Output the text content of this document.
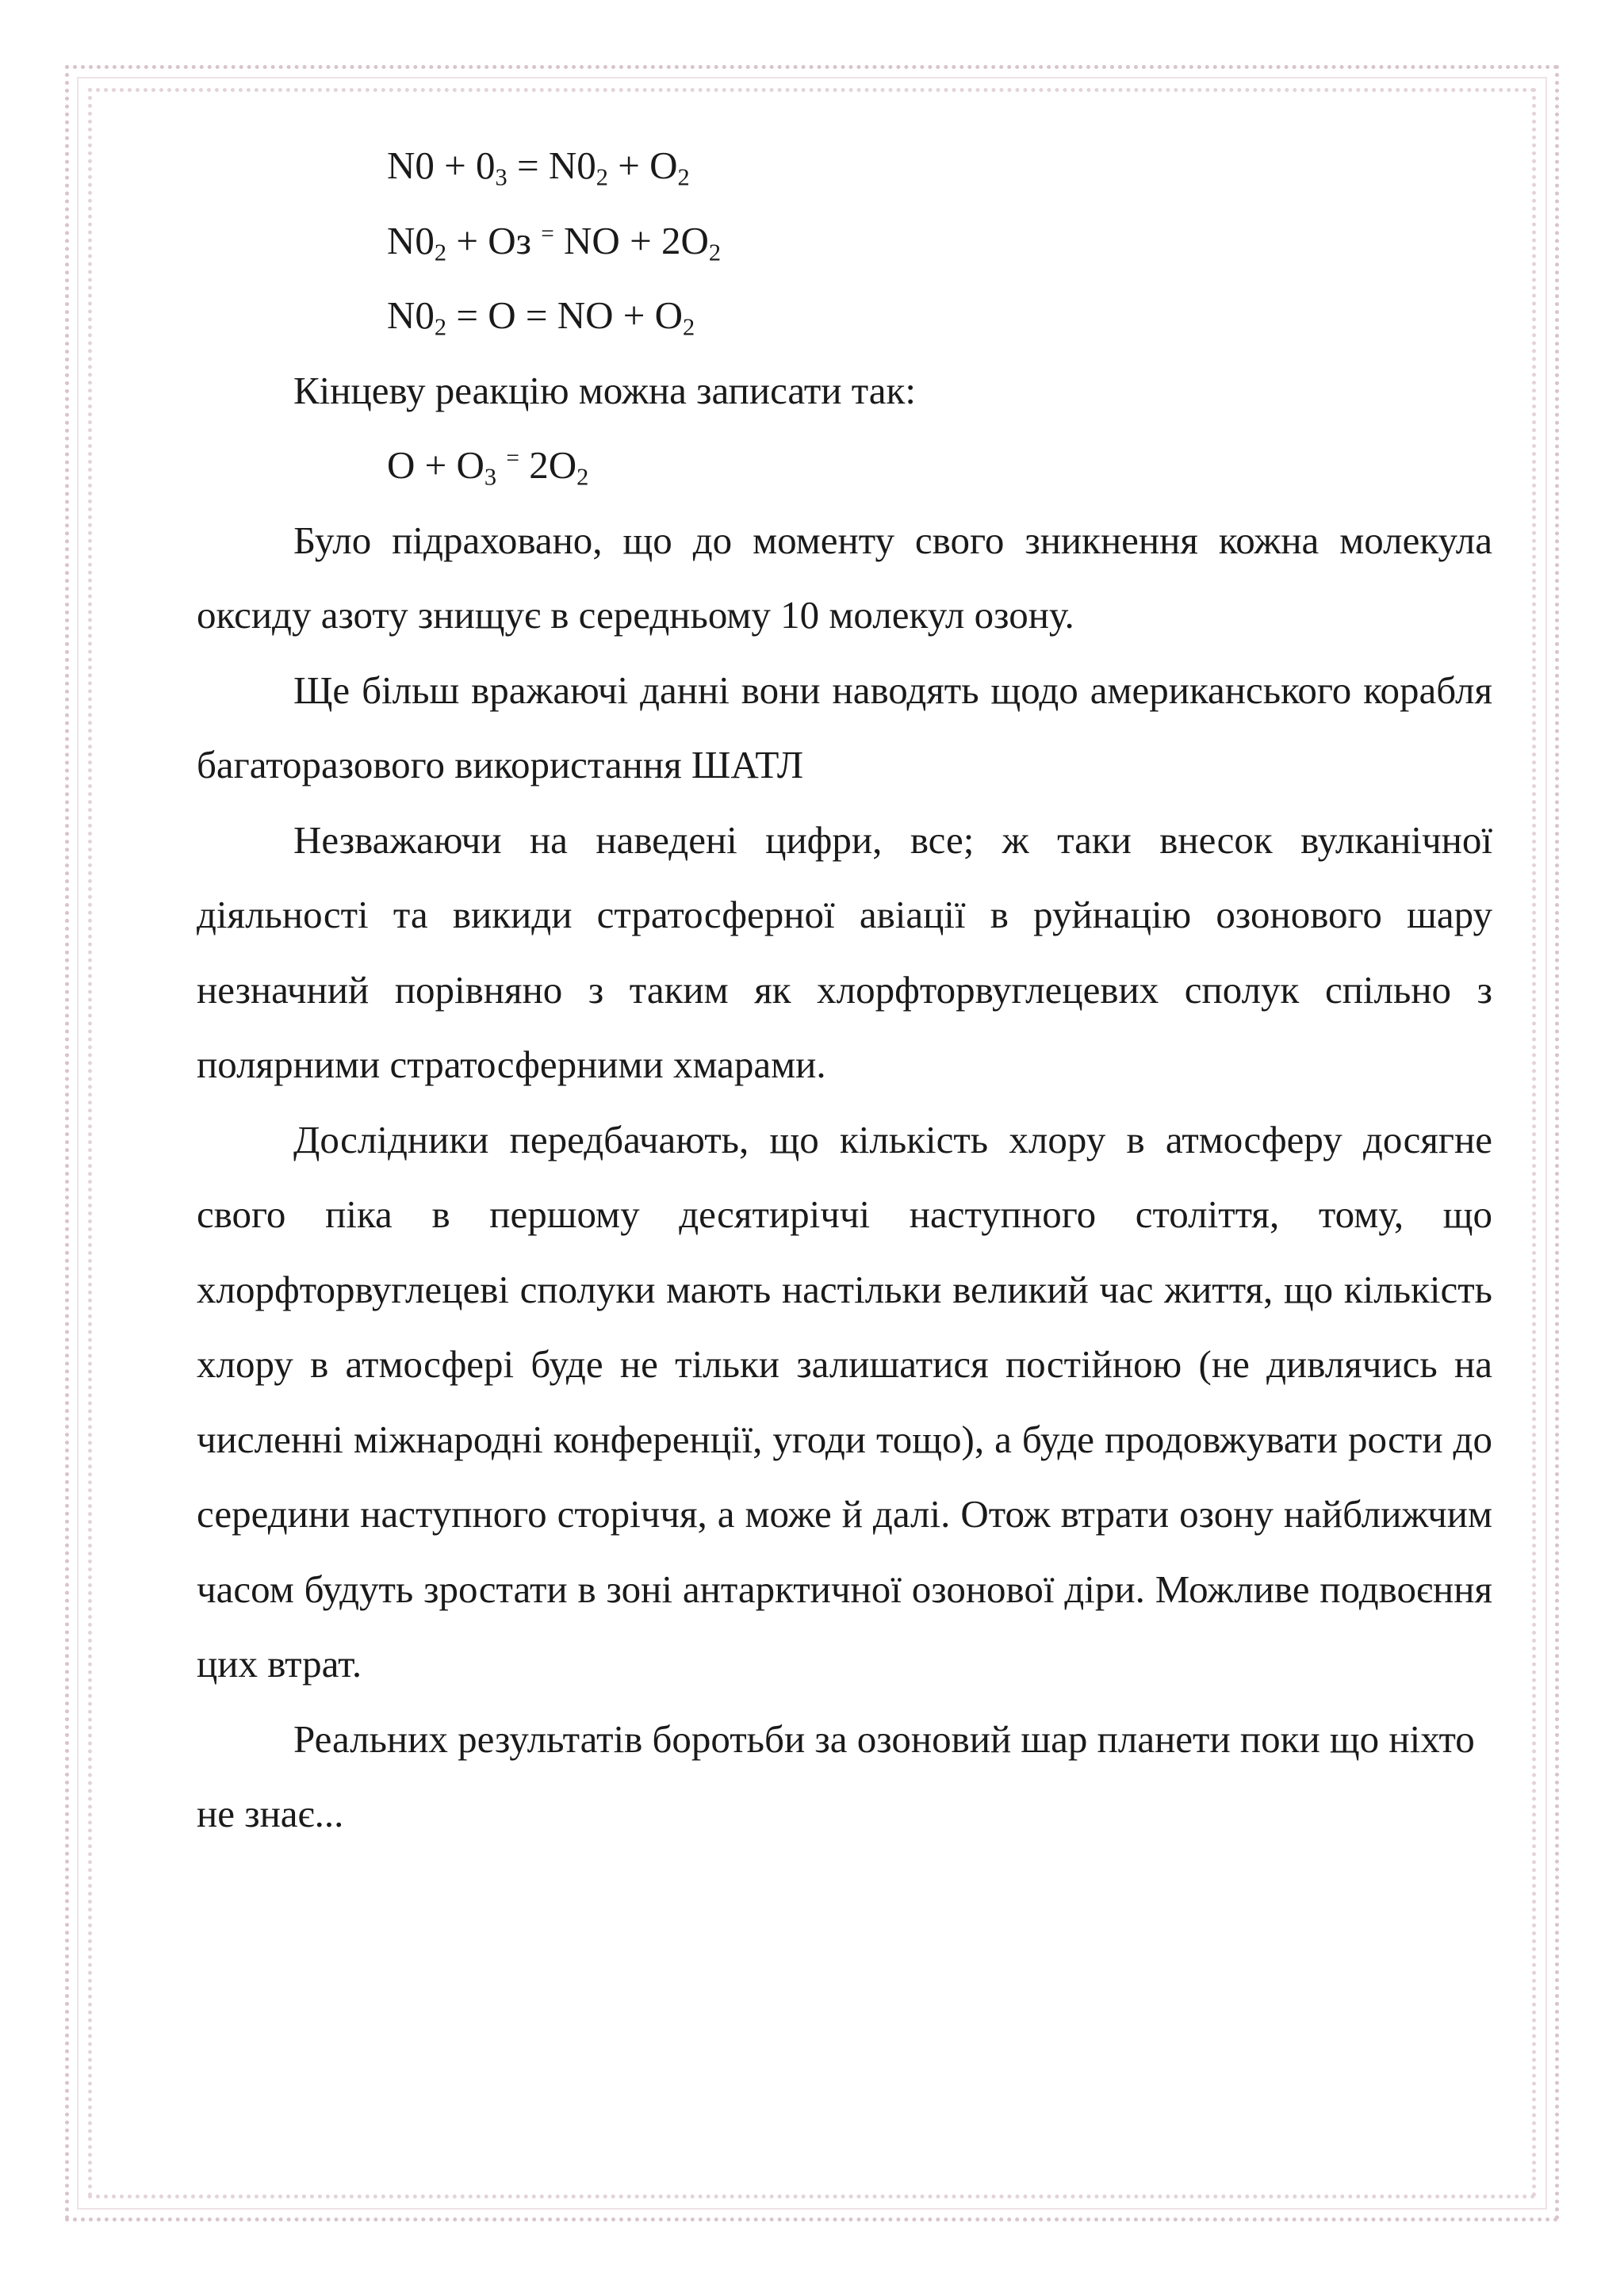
$N0 + 0_3 = N0_2 + O_2$
$N0_2$ + Oз = NO + $2O_2$
$N0_2 = O$ = NO + $O_2$

Кінцеву реакцію можна записати так:

$O + O_3$ = $2O_2$

Було підраховано, що до моменту свого зникнення кожна молекула оксиду азоту знищує в середньому 10 молекул озону.

Ще більш вражаючі данні вони наводять щодо американського корабля багаторазового використання ШАТЛ

Незважаючи на наведені цифри, все; ж таки внесок вулканічної діяльності та викиди стратосферної авіації в руйнацію озонового шару незначний порівняно з таким як хлорфторвуглецевих сполук спільно з полярними стратосферними хмарами.

Дослідники передбачають, що кількість хлору в атмосферу досягне свого піка в першому десятиріччі наступного століття, тому, що хлорфторвуглецеві сполуки мають настільки великий час життя, що кількість хлору в атмосфері буде не тільки залишатися постійною (не дивлячись на численні міжнародні конференції, угоди тощо), а буде продовжувати рости до середини наступного сторіччя, а може й далі. Отож втрати озону найближчим часом будуть зростати в зоні антарктичної озонової діри. Можливе подвоєння цих втрат.

Реальних результатів боротьби за озоновий шар планети поки що ніхто не знає...
